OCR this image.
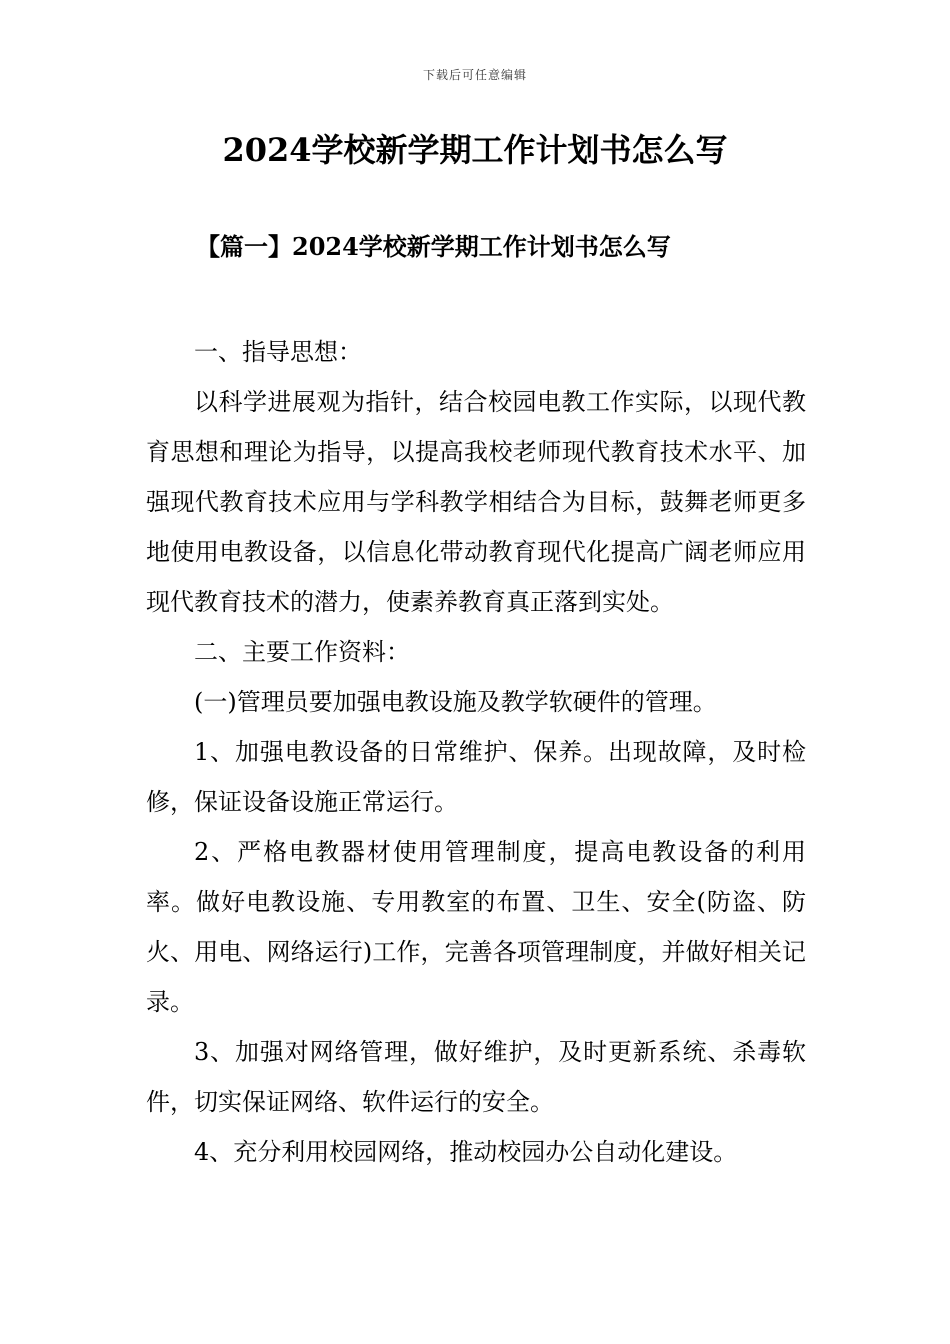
下载后可任意编辑
2024学校新学期工作计划书怎么写
【篇一】2024学校新学期工作计划书怎么写

一、指导思想：

以科学进展观为指针，结合校园电教工作实际，以现代教育思想和理论为指导，以提高我校老师现代教育技术水平、加强现代教育技术应用与学科教学相结合为目标，鼓舞老师更多地使用电教设备，以信息化带动教育现代化提高广阔老师应用现代教育技术的潜力，使素养教育真正落到实处。

二、主要工作资料：

(一)管理员要加强电教设施及教学软硬件的管理。

1、加强电教设备的日常维护、保养。出现故障，及时检修，保证设备设施正常运行。

2、严格电教器材使用管理制度，提高电教设备的利用率。做好电教设施、专用教室的布置、卫生、安全(防盗、防火、用电、网络运行)工作，完善各项管理制度，并做好相关记录。

3、加强对网络管理，做好维护，及时更新系统、杀毒软件，切实保证网络、软件运行的安全。

4、充分利用校园网络，推动校园办公自动化建设。
